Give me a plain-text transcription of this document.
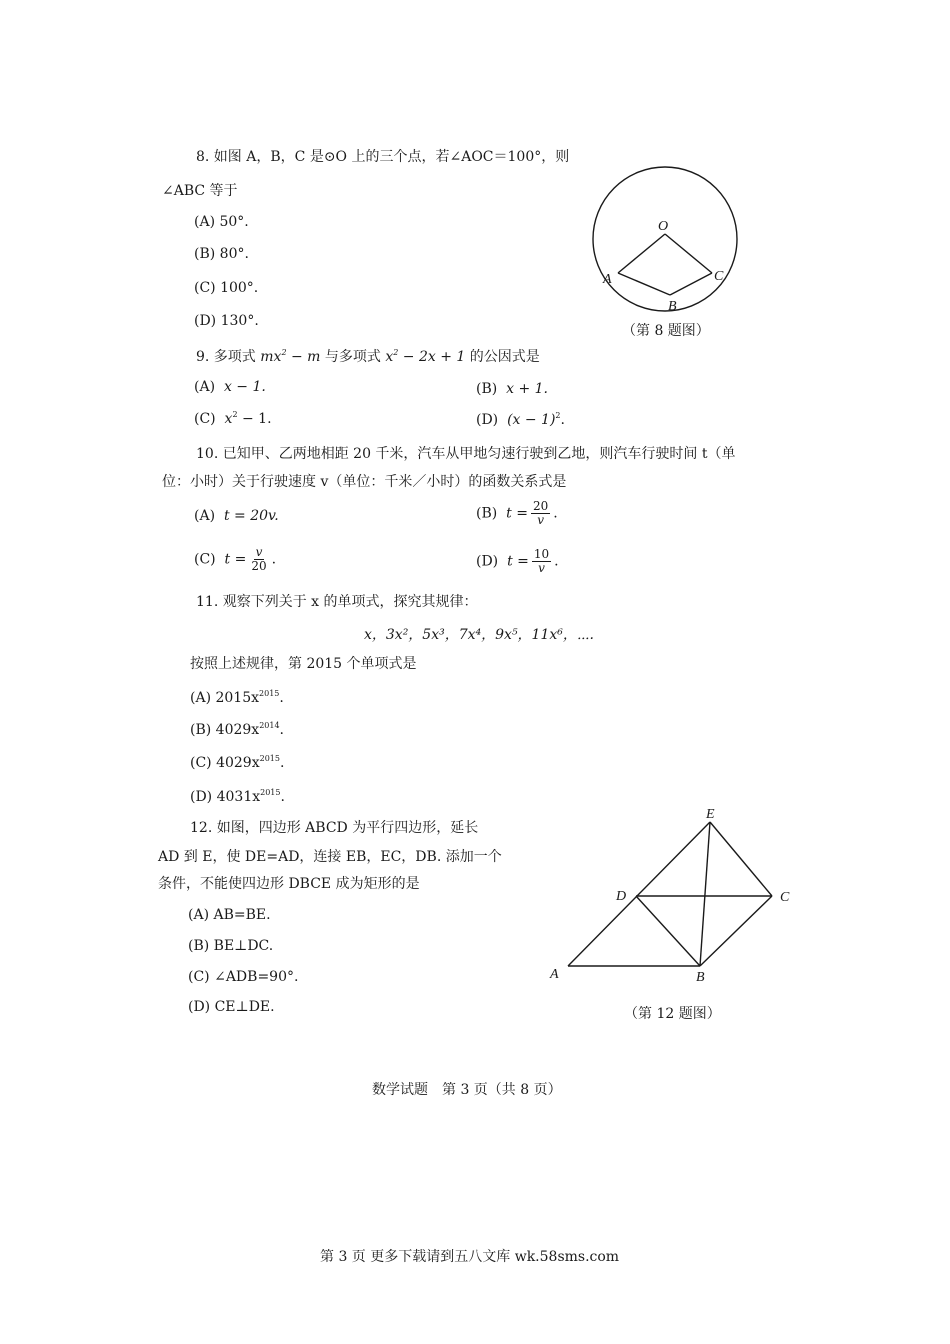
8. 如图 A，B，C 是⊙O 上的三个点，若∠AOC＝100°，则
∠ABC 等于
(A) 50°.
(B) 80°.
(C) 100°.
(D) 130°.
O
A
B
C
（第 8 题图）
9. 多项式 $mx^2 - m$ 与多项式 $x^2 - 2x + 1$ 的公因式是
(A) x − 1.	(B) x + 1.
(C) $x^2 - 1$.	(D) $(x - 1)^2$.
10. 已知甲、乙两地相距 20 千米，汽车从甲地匀速行驶到乙地，则汽车行驶时间 t（单
位：小时）关于行驶速度 v（单位：千米／小时）的函数关系式是
(A) t = 20v.	(B) $t = \frac{20}{v}$ .
(C) $t = \frac{v}{20}$ .	(D) $t = \frac{10}{v}$ .
11. 观察下列关于 x 的单项式，探究其规律：
x，3x²，5x³，7x⁴，9x⁵，11x⁶，⋯.
按照上述规律，第 2015 个单项式是
(A) $2015x^{2015}$.
(B) $4029x^{2014}$.
(C) $4029x^{2015}$.
(D) $4031x^{2015}$.
12. 如图，四边形 ABCD 为平行四边形，延长
AD 到 E，使 DE=AD，连接 EB，EC，DB. 添加一个
条件，不能使四边形 DBCE 成为矩形的是
(A) AB=BE.
(B) BE⊥DC.
(C) ∠ADB=90°.
(D) CE⊥DE.
E
D	C
A	B
（第 12 题图）
数学试题　第 3 页（共 8 页）
第 3 页 更多下载请到五八文库 wk.58sms.com
